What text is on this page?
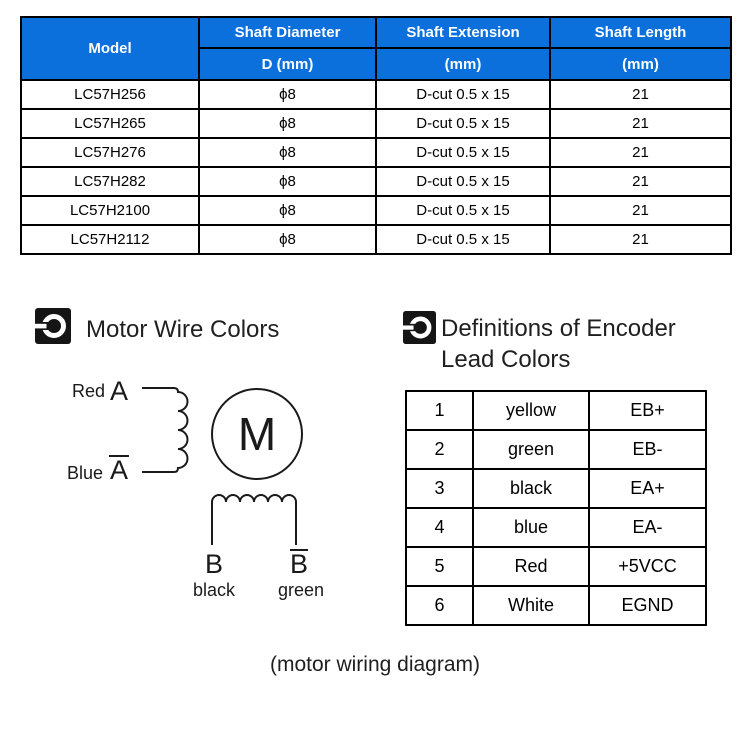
Model	Shaft Diameter	Shaft Extension	Shaft Length
	D (mm)	(mm)	(mm)
LC57H256	ϕ8	D-cut 0.5 x 15	21
LC57H265	ϕ8	D-cut 0.5 x 15	21
LC57H276	ϕ8	D-cut 0.5 x 15	21
LC57H282	ϕ8	D-cut 0.5 x 15	21
LC57H2100	ϕ8	D-cut 0.5 x 15	21
LC57H2112	ϕ8	D-cut 0.5 x 15	21
Motor Wire Colors	Definitions of Encoder
Lead Colors
M
Red A
Blue A
B B
black green
1	yellow	EB+
2	green	EB-
3	black	EA+
4	blue	EA-
5	Red	+5VCC
6	White	EGND
(motor wiring diagram)
